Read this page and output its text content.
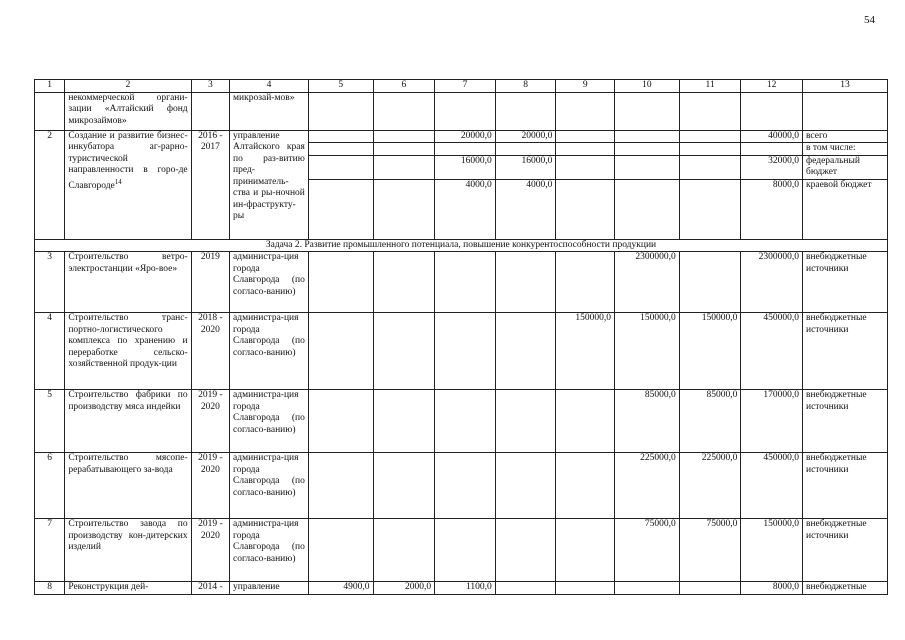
54
1	2	3	4	5	6	7	8	9	10	11	12	13
	некоммерческой органи-зации «Алтайский фонд микрозаймов»		микрозай-мов»									
2	Создание и развитие бизнес-инкубатора аг-рарно-туристической направленности в горо-де Славгороде$^{14}$	2016 - 2017	управление Алтайского края по раз-витию пред-приниматель-ства и ры-ночной ин-фраструкту-ры			20000,0	20000,0				40000,0	всего
												в том числе:
						16000,0	16000,0				32000,0	федеральный бюджет
						4000,0	4000,0				8000,0	краевой бюджет
Задача 2. Развитие промышленного потенциала, повышение конкурентоспособности продукции												
3	Строительство ветро-электростанции «Яро-вое»	2019	администра-ция города Славгорода (по согласо-ванию)						2300000,0		2300000,0	внебюджетные источники
4	Строительство транс-портно-логистического комплекса по хранению и переработке сельско-хозяйственной продук-ции	2018 - 2020	администра-ция города Славгорода (по согласо-ванию)					150000,0	150000,0	150000,0	450000,0	внебюджетные источники
5	Строительство фабрики по производству мяса индейки	2019 - 2020	администра-ция города Славгорода (по согласо-ванию)						85000,0	85000,0	170000,0	внебюджетные источники
6	Строительство мясопе-рерабатывающего за-вода	2019 - 2020	администра-ция города Славгорода (по согласо-ванию)						225000,0	225000,0	450000,0	внебюджетные источники
7	Строительство завода по производству кон-дитерских изделий	2019 - 2020	администра-ция города Славгорода (по согласо-ванию)						75000,0	75000,0	150000,0	внебюджетные источники
8	Реконструкция дей-	2014 -	управление	4900,0	2000,0	1100,0					8000,0	внебюджетные
